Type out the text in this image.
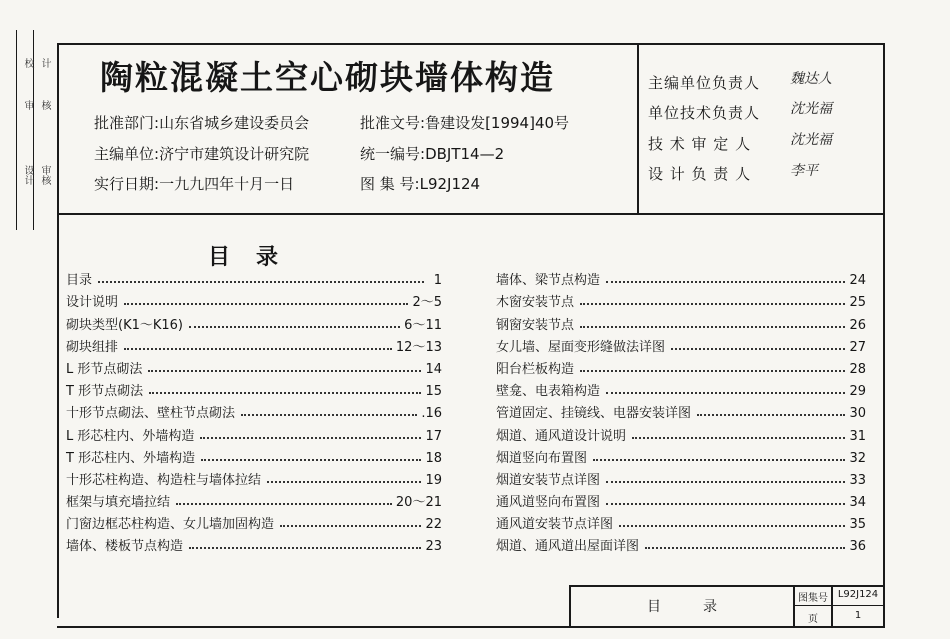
校 计
审 核
设计 审核
陶粒混凝土空心砌块墙体构造
批准部门:山东省城乡建设委员会
主编单位:济宁市建筑设计研究院
实行日期:一九九四年十月一日
批准文号:鲁建设发[1994]40号
统一编号:DBJT14—2
图 集 号:L92J124
主编单位负责人 魏达人
单位技术负责人 沈光福
技 术 审 定 人	沈光福
设 计 负 责 人	李平
目录
目录	1
设计说明	2～5
砌块类型(K1～K16)	6～11
砌块组排	12～13
L 形节点砌法	14
T 形节点砌法	15
十形节点砌法、壁柱节点砌法	.16
L 形芯柱内、外墙构造	17
T 形芯柱内、外墙构造	18
十形芯柱构造、构造柱与墙体拉结	19
框架与填充墙拉结	20～21
门窗边框芯柱构造、女儿墙加固构造	22
墙体、楼板节点构造	23
墙体、梁节点构造	24
木窗安装节点	25
钢窗安装节点	26
女儿墙、屋面变形缝做法详图	27
阳台栏板构造	28
壁龛、电表箱构造	29
管道固定、挂镜线、电器安装详图	30
烟道、通风道设计说明	31
烟道竖向布置图	32
烟道安装节点详图	33
通风道竖向布置图	34
通风道安装节点详图	35
烟道、通风道出屋面详图	36
目　　　录
图集号 L92J124
页	1
